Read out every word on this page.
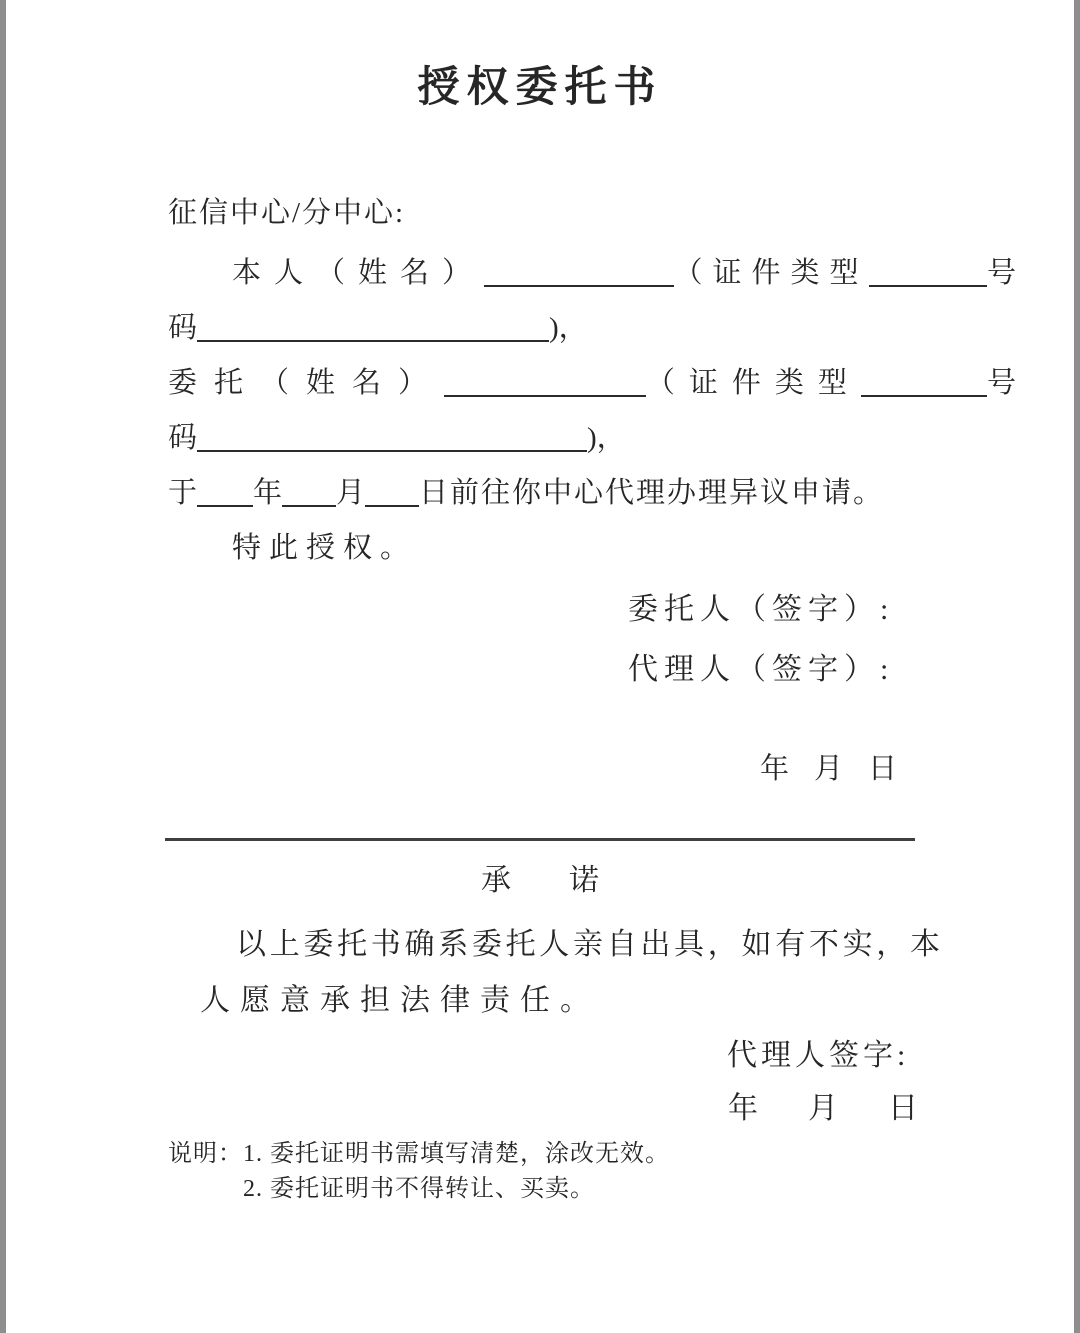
授权委托书
征信中心/分中心:
本人（姓名）	（证件类型	号
码	)，
委托（姓名）	（证件类型	号
码	)，
于 年 月 日前往你中心代理办理异议申请。
特此授权。
委托人（签字）:
代理人（签字）:
年 月 日
承 诺
以上委托书确系委托人亲自出具，如有不实，本
人愿意承担法律责任。
代理人签字:
年 月 日
说明： 1. 委托证明书需填写清楚，涂改无效。
2. 委托证明书不得转让、买卖。
